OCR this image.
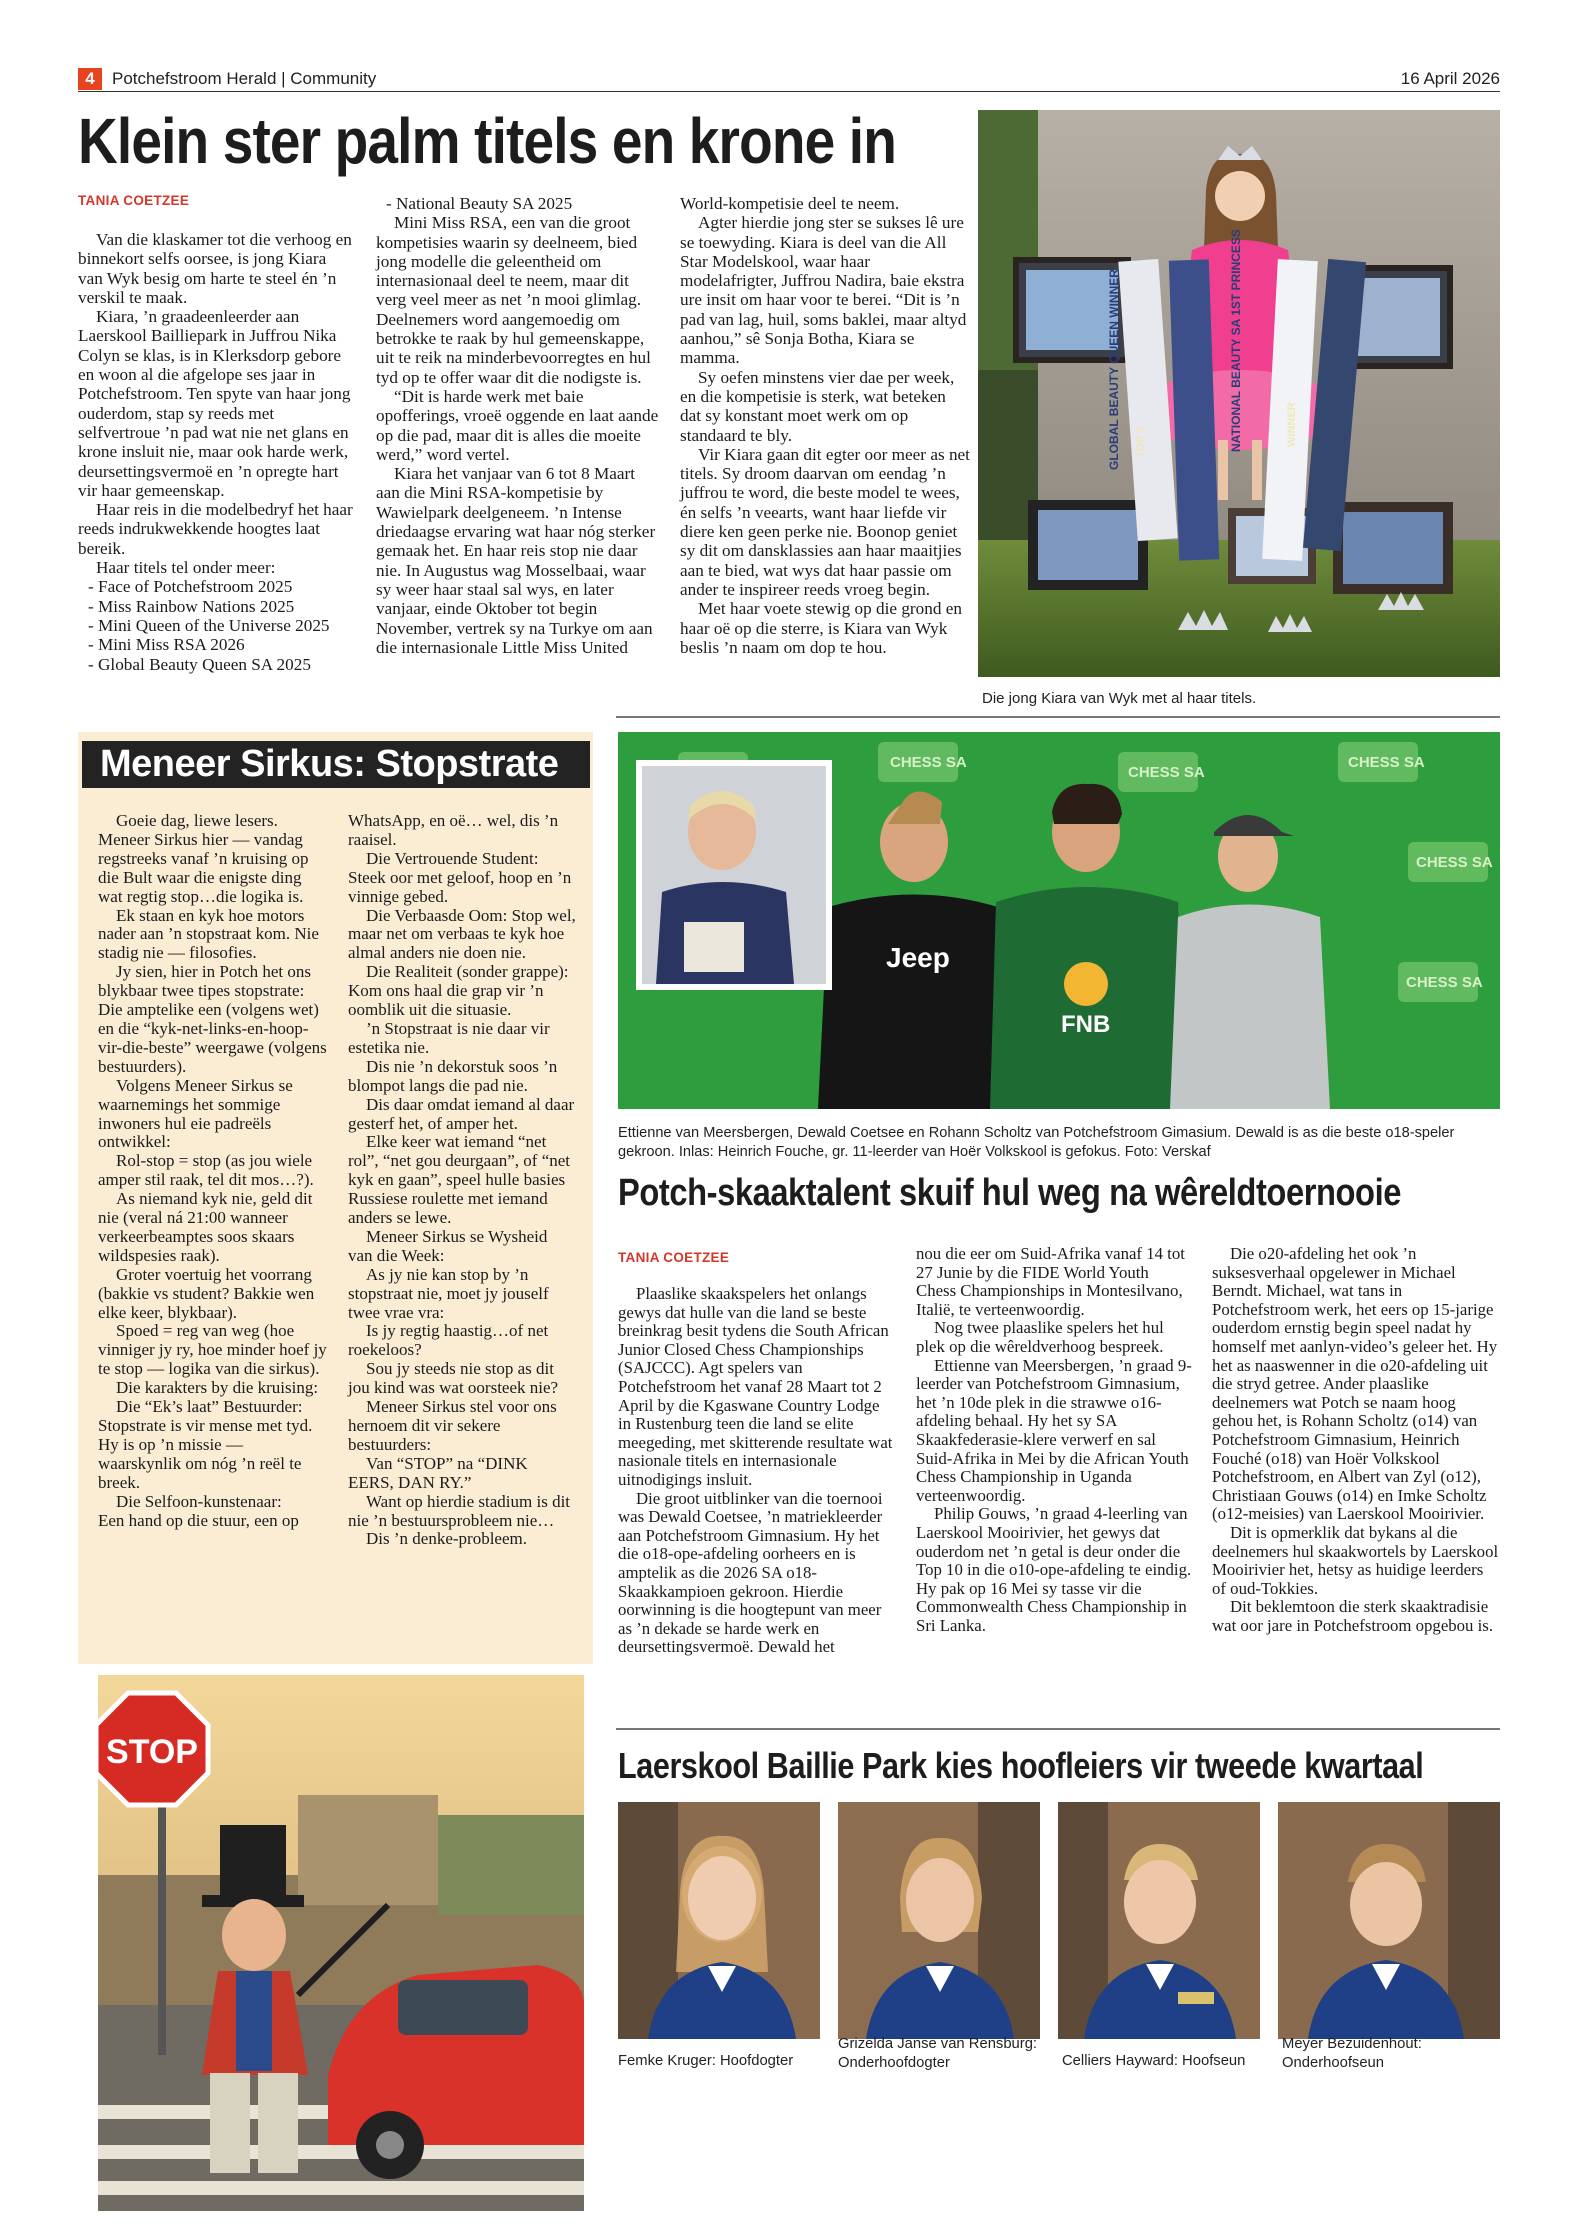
4	Potchefstroom Herald | Community	16 April 2026
Klein ster palm titels en krone in
TANIA COETZEE

Van die klaskamer tot die verhoog en binnekort selfs oorsee, is jong Kiara van Wyk besig om harte te steel én ’n verskil te maak.

Kiara, ’n graadeenleerder aan Laerskool Bailliepark in Juffrou Nika Colyn se klas, is in Klerksdorp gebore en woon al die afgelope ses jaar in Potchefstroom. Ten spyte van haar jong ouderdom, stap sy reeds met selfvertroue ’n pad wat nie net glans en krone insluit nie, maar ook harde werk, deursettingsvermoë en ’n opregte hart vir haar gemeenskap.

Haar reis in die modelbedryf het haar reeds indrukwekkende hoogtes laat bereik.

Haar titels tel onder meer:

- Face of Potchefstroom 2025

- Miss Rainbow Nations 2025

- Mini Queen of the Universe 2025

- Mini Miss RSA 2026

- Global Beauty Queen SA 2025

- National Beauty SA 2025

Mini Miss RSA, een van die groot kompetisies waarin sy deelneem, bied jong modelle die geleentheid om internasionaal deel te neem, maar dit verg veel meer as net ’n mooi glimlag. Deelnemers word aangemoedig om betrokke te raak by hul gemeenskappe, uit te reik na minderbevoorregtes en hul tyd op te offer waar dit die nodigste is.

“Dit is harde werk met baie opofferings, vroeë oggende en laat aande op die pad, maar dit is alles die moeite werd,” word vertel.

Kiara het vanjaar van 6 tot 8 Maart aan die Mini RSA-kompetisie by Wawielpark deelgeneem. ’n Intense driedaagse ervaring wat haar nóg sterker gemaak het. En haar reis stop nie daar nie. In Augustus wag Mosselbaai, waar sy weer haar staal sal wys, en later vanjaar, einde Oktober tot begin November, vertrek sy na Turkye om aan die internasionale Little Miss United

World-kompetisie deel te neem.

Agter hierdie jong ster se sukses lê ure se toewyding. Kiara is deel van die All Star Modelskool, waar haar modelafrigter, Juffrou Nadira, baie ekstra ure insit om haar voor te berei. “Dit is ’n pad van lag, huil, soms baklei, maar altyd aanhou,” sê Sonja Botha, Kiara se mamma.

Sy oefen minstens vier dae per week, en die kompetisie is sterk, wat beteken dat sy konstant moet werk om op standaard te bly.

Vir Kiara gaan dit egter oor meer as net titels. Sy droom daarvan om eendag ’n juffrou te word, die beste model te wees, én selfs ’n veearts, want haar liefde vir diere ken geen perke nie. Boonop geniet sy dit om dansklassies aan haar maaitjies aan te bied, wat wys dat haar passie om ander te inspireer reeds vroeg begin.

Met haar voete stewig op die grond en haar oë op die sterre, is Kiara van Wyk beslis ’n naam om dop te hou.

GLOBAL BEAUTY QUEEN WINNER	NATIONAL BEAUTY SA 1ST PRINCESS
TOP 3	WINNER
Die jong Kiara van Wyk met al haar titels.
Meneer Sirkus: Stopstrate

Goeie dag, liewe lesers. Meneer Sirkus hier — vandag regstreeks vanaf ’n kruising op die Bult waar die enigste ding wat regtig stop…die logika is.

Ek staan en kyk hoe motors nader aan ’n stopstraat kom. Nie stadig nie — filosofies.

Jy sien, hier in Potch het ons blykbaar twee tipes stopstrate: Die amptelike een (volgens wet) en die “kyk-net-links-en-hoop-vir-die-beste” weergawe (volgens bestuurders).

Volgens Meneer Sirkus se waarnemings het sommige inwoners hul eie padreëls ontwikkel:

Rol-stop = stop (as jou wiele amper stil raak, tel dit mos…?).

As niemand kyk nie, geld dit nie (veral ná 21:00 wanneer verkeerbeamptes soos skaars wildspesies raak).

Groter voertuig het voorrang (bakkie vs student? Bakkie wen elke keer, blykbaar).

Spoed = reg van weg (hoe vinniger jy ry, hoe minder hoef jy te stop — logika van die sirkus).

Die karakters by die kruising:

Die “Ek’s laat” Bestuurder: Stopstrate is vir mense met tyd. Hy is op ’n missie — waarskynlik om nóg ’n reël te breek.

Die Selfoon-kunstenaar:

Een hand op die stuur, een op

WhatsApp, en oë… wel, dis ’n raaisel.

Die Vertrouende Student: Steek oor met geloof, hoop en ’n vinnige gebed.

Die Verbaasde Oom: Stop wel, maar net om verbaas te kyk hoe almal anders nie doen nie.

Die Realiteit (sonder grappe): Kom ons haal die grap vir ’n oomblik uit die situasie.

’n Stopstraat is nie daar vir estetika nie.

Dis nie ’n dekorstuk soos ’n blompot langs die pad nie.

Dis daar omdat iemand al daar gesterf het, of amper het.

Elke keer wat iemand “net rol”, “net gou deurgaan”, of “net kyk en gaan”, speel hulle basies Russiese roulette met iemand anders se lewe.

Meneer Sirkus se Wysheid van die Week:

As jy nie kan stop by ’n stopstraat nie, moet jy jouself twee vrae vra:

Is jy regtig haastig…of net roekeloos?

Sou jy steeds nie stop as dit jou kind was wat oorsteek nie?

Meneer Sirkus stel voor ons hernoem dit vir sekere bestuurders:

Van “STOP” na “DINK EERS, DAN RY.”

Want op hierdie stadium is dit nie ’n bestuursprobleem nie…

Dis ’n denke-probleem.

STOP
CHESS SA
CHESS SA
CHESS SA
CHESS SA
CHESS SA
Jeep
FNB
Ettienne van Meersbergen, Dewald Coetsee en Rohann Scholtz van Potchefstroom Gimasium. Dewald is as die beste o18-speler gekroon. Inlas: Heinrich Fouche, gr. 11-leerder van Hoër Volkskool is gefokus. Foto: Verskaf
Potch-skaaktalent skuif hul weg na wêreldtoernooie
TANIA COETZEE

Plaaslike skaakspelers het onlangs gewys dat hulle van die land se beste breinkrag besit tydens die South African Junior Closed Chess Championships (SAJCCC). Agt spelers van Potchefstroom het vanaf 28 Maart tot 2 April by die Kgaswane Country Lodge in Rustenburg teen die land se elite meegeding, met skitterende resultate wat nasionale titels en internasionale uitnodigings insluit.

Die groot uitblinker van die toernooi was Dewald Coetsee, ’n matriekleerder aan Potchefstroom Gimnasium. Hy het die o18-ope-afdeling oorheers en is amptelik as die 2026 SA o18-Skaakkampioen gekroon. Hierdie oorwinning is die hoogtepunt van meer as ’n dekade se harde werk en deursettingsvermoë. Dewald het

nou die eer om Suid-Afrika vanaf 14 tot 27 Junie by die FIDE World Youth Chess Championships in Montesilvano, Italië, te verteenwoordig.

Nog twee plaaslike spelers het hul plek op die wêreldverhoog bespreek.

Ettienne van Meersbergen, ’n graad 9-leerder van Potchefstroom Gimnasium, het ’n 10de plek in die strawwe o16-afdeling behaal. Hy het sy SA Skaakfederasie-klere verwerf en sal Suid-Afrika in Mei by die African Youth Chess Championship in Uganda verteenwoordig.

Philip Gouws, ’n graad 4-leerling van Laerskool Mooirivier, het gewys dat ouderdom net ’n getal is deur onder die Top 10 in die o10-ope-afdeling te eindig. Hy pak op 16 Mei sy tasse vir die Commonwealth Chess Championship in Sri Lanka.

Die o20-afdeling het ook ’n suksesverhaal opgelewer in Michael Berndt. Michael, wat tans in Potchefstroom werk, het eers op 15-jarige ouderdom ernstig begin speel nadat hy homself met aanlyn-video’s geleer het. Hy het as naaswenner in die o20-afdeling uit die stryd getree. Ander plaaslike deelnemers wat Potch se naam hoog gehou het, is Rohann Scholtz (o14) van Potchefstroom Gimnasium, Heinrich Fouché (o18) van Hoër Volkskool Potchefstroom, en Albert van Zyl (o12), Christiaan Gouws (o14) en Imke Scholtz (o12-meisies) van Laerskool Mooirivier.

Dit is opmerklik dat bykans al die deelnemers hul skaakwortels by Laerskool Mooirivier het, hetsy as huidige leerders of oud-Tokkies.

Dit beklemtoon die sterk skaaktradisie wat oor jare in Potchefstroom opgebou is.

Laerskool Baillie Park kies hoofleiers vir tweede kwartaal
Femke Kruger: Hoofdogter
Grizelda Janse van Rensburg: Onderhoofdogter	Celliers Hayward: Hoofseun
Meyer Bezuidenhout: Onderhoofseun
